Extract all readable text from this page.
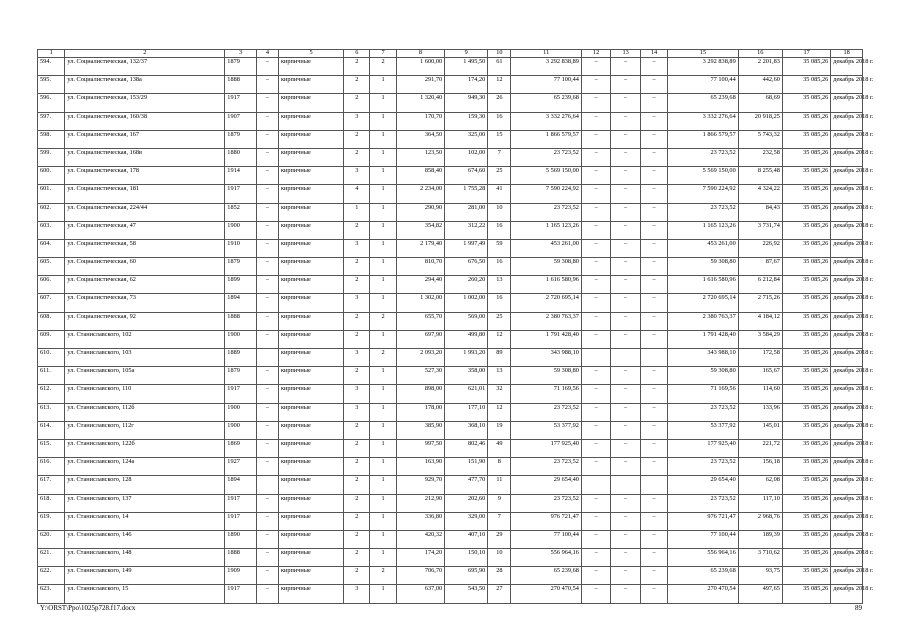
1	2	3	4	5	6	7	8	9	10	11	12	13	14	15	16	17	18
594.	ул. Социалистическая, 132/37	1879	–	кирпичные	2	2	1 600,00	1 495,50	61	3 292 838,89	–	–	–	3 292 838,89	2 201,83	35 085,26	декабрь 2018 г.
595.	ул. Социалистическая, 138а	1888	–	кирпичные	2	1	291,70	174,20	12	77 100,44	–	–	–	77 100,44	442,60	35 085,26	декабрь 2018 г.
596.	ул. Социалистическая, 153/29	1917	–	кирпичные	2	1	1 320,40	949,30	26	65 239,68	–	–	–	65 239,68	68,69	35 085,26	декабрь 2018 г.
597.	ул. Социалистическая, 160/38	1907	–	кирпичные	3	1	170,70	159,30	16	3 332 276,64	–	–	–	3 332 276,64	20 918,25	35 085,26	декабрь 2018 г.
598.	ул. Социалистическая, 167	1879	–	кирпичные	2	1	364,50	325,00	15	1 866 579,57	–	–	–	1 866 579,57	5 743,32	35 085,26	декабрь 2018 г.
599.	ул. Социалистическая, 168в	1880	–	кирпичные	2	1	123,50	102,00	7	23 723,52	–	–	–	23 723,52	232,58	35 085,26	декабрь 2018 г.
600.	ул. Социалистическая, 178	1914	–	кирпичные	3	1	858,40	674,60	25	5 569 150,00	–	–	–	5 569 150,00	8 255,48	35 085,26	декабрь 2018 г.
601.	ул. Социалистическая, 181	1917	–	кирпичные	4	1	2 234,00	1 755,28	41	7 590 224,92	–	–	–	7 590 224,92	4 324,22	35 085,26	декабрь 2018 г.
602.	ул. Социалистическая, 224/44	1852	–	кирпичные	1	1	290,90	281,00	10	23 723,52	–	–	–	23 723,52	84,43	35 085,26	декабрь 2018 г.
603.	ул. Социалистическая, 47	1900	–	кирпичные	2	1	354,82	312,22	16	1 165 123,26	–	–	–	1 165 123,26	3 731,74	35 085,26	декабрь 2018 г.
604.	ул. Социалистическая, 58	1910	–	кирпичные	3	1	2 179,40	1 997,49	59	453 261,00	–	–	–	453 261,00	226,92	35 085,26	декабрь 2018 г.
605.	ул. Социалистическая, 60	1879	–	кирпичные	2	1	810,70	676,50	16	59 308,80	–	–	–	59 308,80	87,67	35 085,26	декабрь 2018 г.
606.	ул. Социалистическая, 62	1899	–	кирпичные	2	1	294,40	260,20	13	1 616 580,96	–	–	–	1 616 580,96	6 212,84	35 085,26	декабрь 2018 г.
607.	ул. Социалистическая, 73	1894	–	кирпичные	3	1	1 302,00	1 002,00	16	2 720 695,14	–	–	–	2 720 695,14	2 715,26	35 085,26	декабрь 2018 г.
608.	ул. Социалистическая, 92	1888	–	кирпичные	2	2	655,70	569,00	25	2 380 763,37	–	–	–	2 380 763,37	4 184,12	35 085,26	декабрь 2018 г.
609.	ул. Станиславского, 102	1900	–	кирпичные	2	1	697,90	499,80	12	1 791 428,40	–	–	–	1 791 428,40	3 584,29	35 085,26	декабрь 2018 г.
610.	ул. Станиславского, 103	1889		кирпичные	3	2	2 093,20	1 993,20	89	343 988,10				343 988,10	172,58	35 085,26	декабрь 2018 г.
611.	ул. Станиславского, 105а	1879	–	кирпичные	2	1	527,30	358,00	13	59 308,80	–	–	–	59 308,80	165,67	35 085,26	декабрь 2018 г.
612.	ул. Станиславского, 110	1917	–	кирпичные	3	1	898,00	621,01	32	71 169,56	–	–	–	71 169,56	114,60	35 085,26	декабрь 2018 г.
613.	ул. Станиславского, 112б	1900	–	кирпичные	3	1	178,00	177,10	12	23 723,52	–	–	–	23 723,52	133,96	35 085,26	декабрь 2018 г.
614.	ул. Станиславского, 112г	1900	–	кирпичные	2	1	385,90	368,10	19	53 377,92	–	–	–	53 377,92	145,01	35 085,26	декабрь 2018 г.
615.	ул. Станиславского, 122б	1869	–	кирпичные	2	1	997,50	802,46	49	177 925,40	–	–	–	177 925,40	221,72	35 085,26	декабрь 2018 г.
616.	ул. Станиславского, 124а	1927	–	кирпичные	2	1	163,90	151,90	8	23 723,52	–	–	–	23 723,52	156,18	35 085,26	декабрь 2018 г.
617.	ул. Станиславского, 128	1894		кирпичные	2	1	929,70	477,70	11	29 654,40				29 654,40	62,08	35 085,26	декабрь 2018 г.
618.	ул. Станиславского, 137	1917	–	кирпичные	2	1	212,90	202,60	9	23 723,52	–	–	–	23 723,52	117,10	35 085,26	декабрь 2018 г.
619.	ул. Станиславского, 14	1917	–	кирпичные	2	1	336,80	329,00	7	976 721,47	–	–	–	976 721,47	2 968,76	35 085,26	декабрь 2018 г.
620.	ул. Станиславского, 146	1890	–	кирпичные	2	1	420,32	407,10	29	77 100,44	–	–	–	77 100,44	189,39	35 085,26	декабрь 2018 г.
621.	ул. Станиславского, 148	1888	–	кирпичные	2	1	174,20	150,10	10	556 964,16	–	–	–	556 964,16	3 710,62	35 085,26	декабрь 2018 г.
622.	ул. Станиславского, 149	1909	–	кирпичные	2	2	706,70	695,90	28	65 239,68	–	–	–	65 239,68	93,75	35 085,26	декабрь 2018 г.
623.	ул. Станиславского, 15	1917	–	кирпичные	3	1	637,00	543,50	27	270 470,54	–	–	–	270 470,54	497,65	35 085,26	декабрь 2018 г.
Y:\ORST\Ppo\1025p728.f17.docx	89
